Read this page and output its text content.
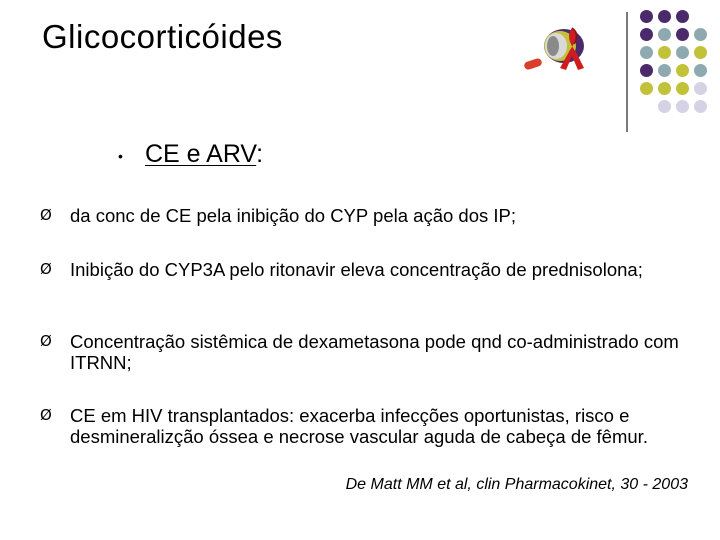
Glicocorticóides
• CE e ARV:
Ø da conc de CE pela inibição do CYP pela ação dos IP;
Ø Inibição do CYP3A pelo ritonavir eleva concentração de prednisolona;
Ø Concentração sistêmica de dexametasona pode qnd co-administrado com ITRNN;
Ø CE em HIV transplantados: exacerba infecções oportunistas, risco e desmineralizção óssea e necrose vascular aguda de cabeça de fêmur.
De Matt MM et al, clin Pharmacokinet, 30 - 2003
